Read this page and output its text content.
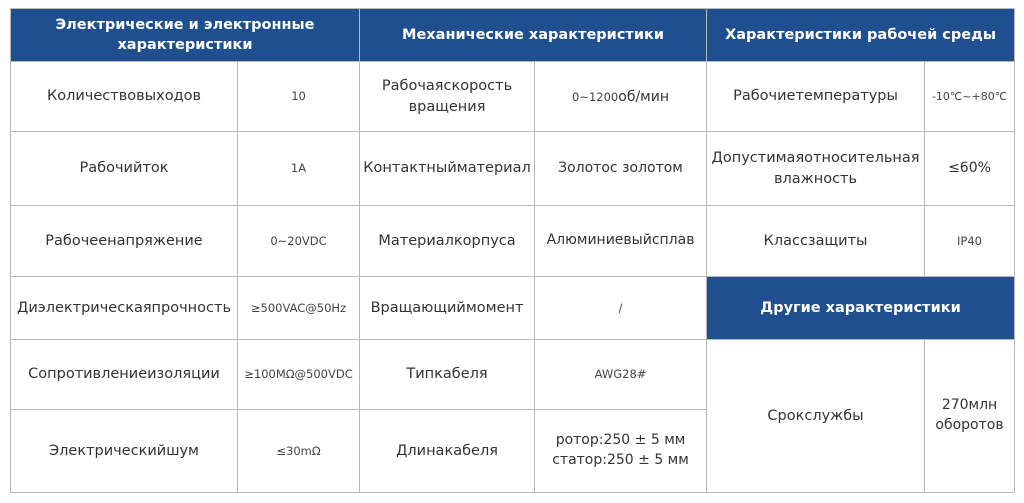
Электрические и электронные характеристики		Механические характеристики		Характеристики рабочей среды	
Количествовыходов	10	Рабочаяскорость вращения	0~1200об/мин	Рабочиетемпературы	-10℃~+80℃
Рабочийток	1A	Контактныйматериал	Золотос золотом	Допустимаяотносительная влажность	≤60%
Рабочеенапряжение	0~20VDC	Материалкорпуса	Алюминиевыйсплав	Классзащиты	IP40
Диэлектрическаяпрочность	≥500VAC@50Hz	Вращающиймомент	/	Другие характеристики	
Сопротивлениеизоляции	≥100MΩ@500VDC	Типкабеля	AWG28#	Срокслужбы	270млн оборотов
Электрическийшум	≤30mΩ	Длинакабеля	ротор:250 ± 5 мм
статор:250 ± 5 мм		
